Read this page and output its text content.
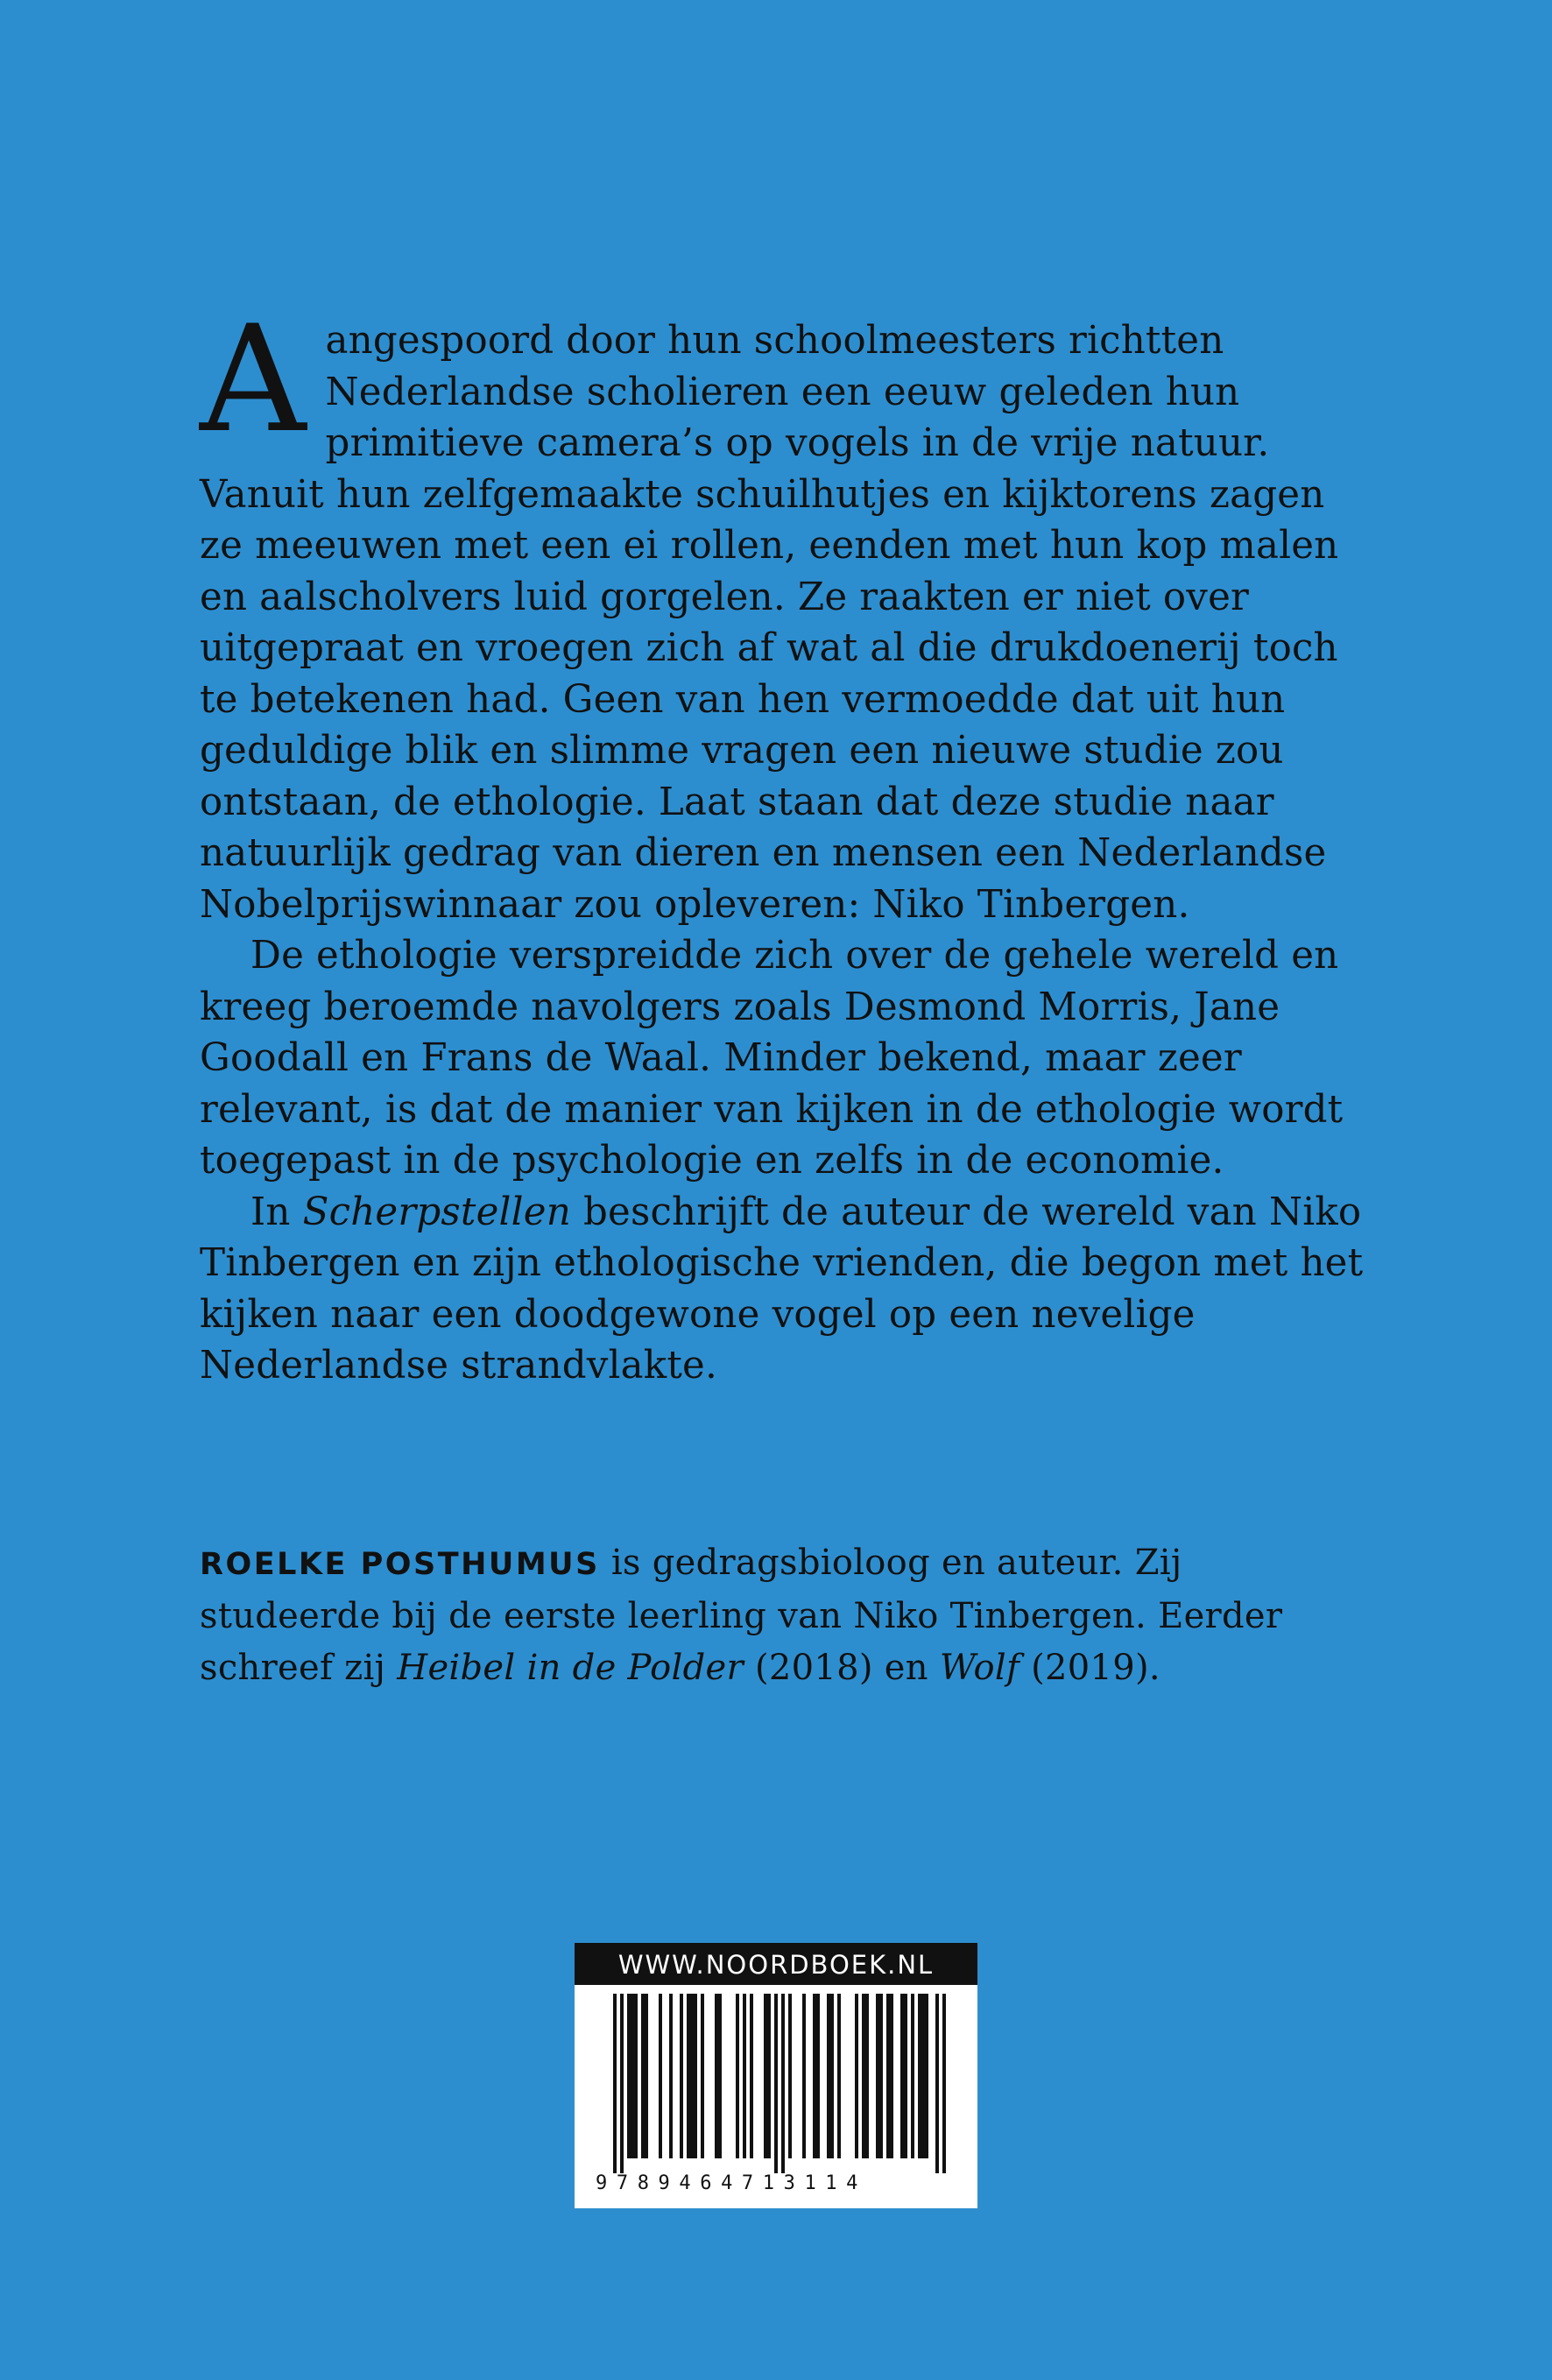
Aangespoord door hun schoolmeesters richtten Nederlandse scholieren een eeuw geleden hun primitieve camera’s op vogels in de vrije natuur. Vanuit hun zelfgemaakte schuilhutjes en kijktorens zagen ze meeuwen met een ei rollen, eenden met hun kop malen en aalscholvers luid gorgelen. Ze raakten er niet over uitgepraat en vroegen zich af wat al die drukdoenerij toch te betekenen had. Geen van hen vermoedde dat uit hun geduldige blik en slimme vragen een nieuwe studie zou ontstaan, de ethologie. Laat staan dat deze studie naar natuurlijk gedrag van dieren en mensen een Nederlandse Nobelprijswinnaar zou opleveren: Niko Tinbergen.

De ethologie verspreidde zich over de gehele wereld en kreeg beroemde navolgers zoals Desmond Morris, Jane Goodall en Frans de Waal. Minder bekend, maar zeer relevant, is dat de manier van kijken in de ethologie wordt toegepast in de psychologie en zelfs in de economie.

In Scherpstellen beschrijft de auteur de wereld van Niko Tinbergen en zijn ethologische vrienden, die begon met het kijken naar een doodgewone vogel op een nevelige Nederlandse strandvlakte.

ROELKE POSTHUMUS is gedragsbioloog en auteur. Zij studeerde bij de eerste leerling van Niko Tinbergen. Eerder schreef zij Heibel in de Polder (2018) en Wolf (2019).

WWW.NOORDBOEK.NL
9789464713114
